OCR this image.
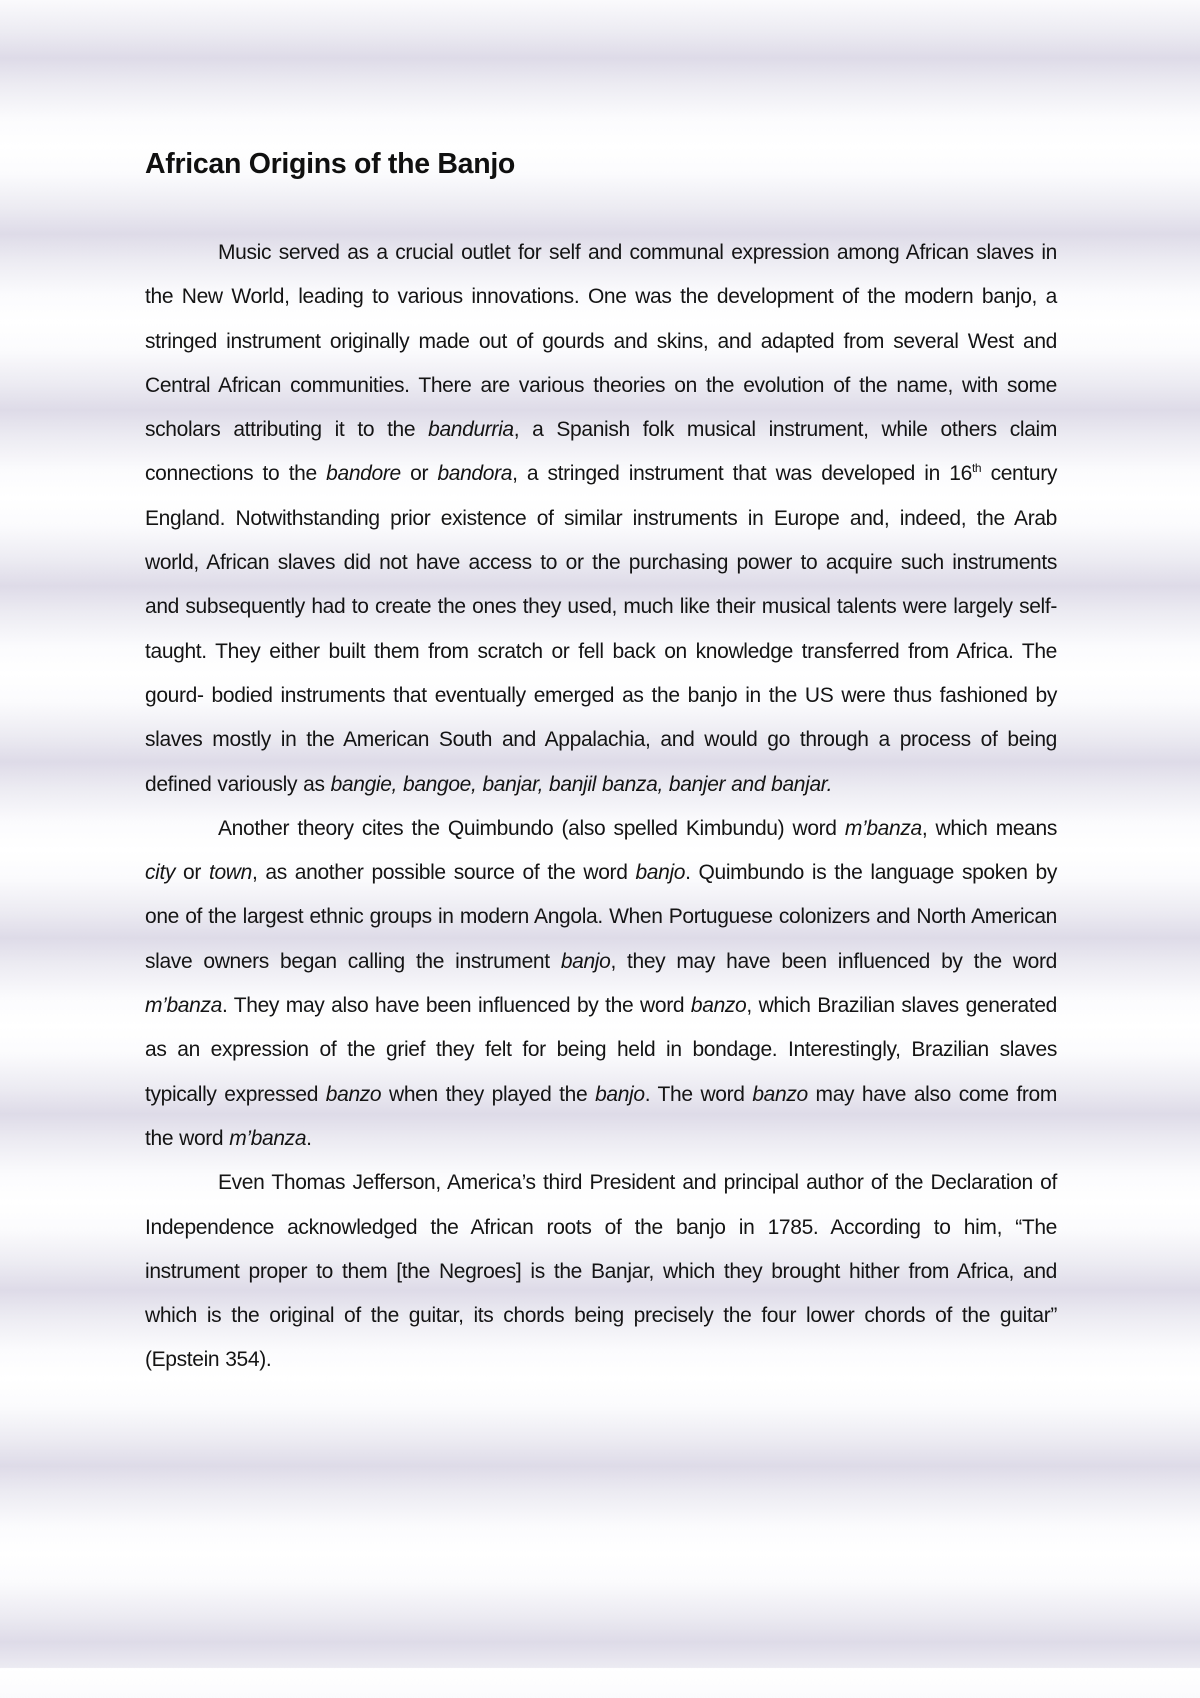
African Origins of the Banjo

Music served as a crucial outlet for self and communal expression among African slaves in the New World, leading to various innovations. One was the development of the modern banjo, a stringed instrument originally made out of gourds and skins, and adapted from several West and Central African communities. There are various theories on the evolution of the name, with some scholars attributing it to the bandurria, a Spanish folk musical instrument, while others claim connections to the bandore or bandora, a stringed instrument that was developed in 16th century England. Notwithstanding prior existence of similar instruments in Europe and, indeed, the Arab world, African slaves did not have access to or the purchasing power to acquire such instruments and subsequently had to create the ones they used, much like their musical talents were largely self-taught. They either built them from scratch or fell back on knowledge transferred from Africa. The gourd- bodied instruments that eventually emerged as the banjo in the US were thus fashioned by slaves mostly in the American South and Appalachia, and would go through a process of being defined variously as bangie, bangoe, banjar, banjil banza, banjer and banjar.

Another theory cites the Quimbundo (also spelled Kimbundu) word m’banza, which means city or town, as another possible source of the word banjo. Quimbundo is the language spoken by one of the largest ethnic groups in modern Angola. When Portuguese colonizers and North American slave owners began calling the instrument banjo, they may have been influenced by the word m’banza. They may also have been influenced by the word banzo, which Brazilian slaves generated as an expression of the grief they felt for being held in bondage. Interestingly, Brazilian slaves typically expressed banzo when they played the banjo. The word banzo may have also come from the word m’banza.

Even Thomas Jefferson, America’s third President and principal author of the Declaration of Independence acknowledged the African roots of the banjo in 1785. According to him, “The instrument proper to them [the Negroes] is the Banjar, which they brought hither from Africa, and which is the original of the guitar, its chords being precisely the four lower chords of the guitar” (Epstein 354).
